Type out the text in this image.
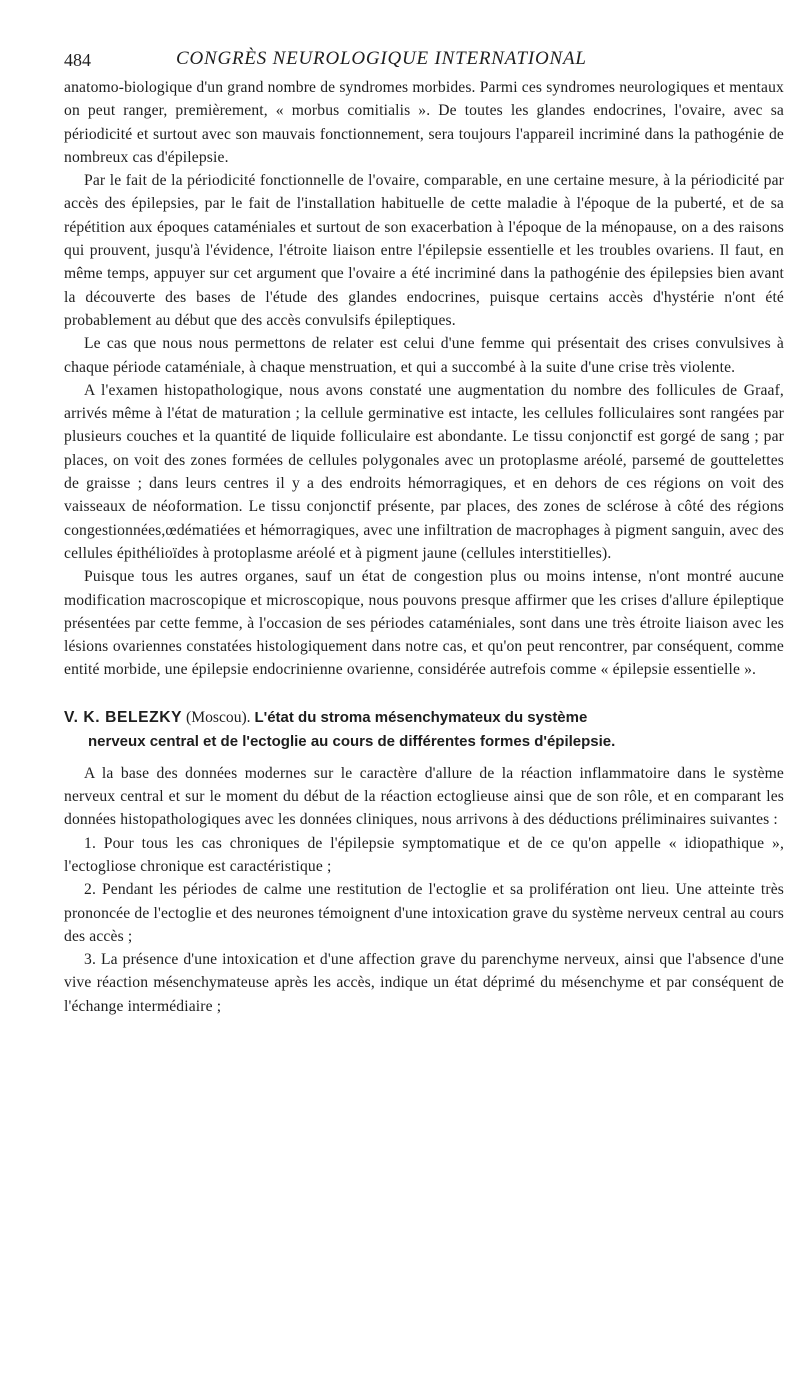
484	CONGRÈS NEUROLOGIQUE INTERNATIONAL

anatomo-biologique d'un grand nombre de syndromes morbides. Parmi ces syndromes neurologiques et mentaux on peut ranger, premièrement, « morbus comitialis ». De toutes les glandes endocrines, l'ovaire, avec sa périodicité et surtout avec son mauvais fonctionnement, sera toujours l'appareil incriminé dans la pathogénie de nombreux cas d'épilepsie.

Par le fait de la périodicité fonctionnelle de l'ovaire, comparable, en une certaine mesure, à la périodicité par accès des épilepsies, par le fait de l'installation habituelle de cette maladie à l'époque de la puberté, et de sa répétition aux époques cataméniales et surtout de son exacerbation à l'époque de la ménopause, on a des raisons qui prouvent, jusqu'à l'évidence, l'étroite liaison entre l'épilepsie essentielle et les troubles ovariens. Il faut, en même temps, appuyer sur cet argument que l'ovaire a été incriminé dans la pathogénie des épilepsies bien avant la découverte des bases de l'étude des glandes endocrines, puisque certains accès d'hystérie n'ont été probablement au début que des accès convulsifs épileptiques.

Le cas que nous nous permettons de relater est celui d'une femme qui présentait des crises convulsives à chaque période cataméniale, à chaque menstruation, et qui a succombé à la suite d'une crise très violente.

A l'examen histopathologique, nous avons constaté une augmentation du nombre des follicules de Graaf, arrivés même à l'état de maturation ; la cellule germinative est intacte, les cellules folliculaires sont rangées par plusieurs couches et la quantité de liquide folliculaire est abondante. Le tissu conjonctif est gorgé de sang ; par places, on voit des zones formées de cellules polygonales avec un protoplasme aréolé, parsemé de gouttelettes de graisse ; dans leurs centres il y a des endroits hémorragiques, et en dehors de ces régions on voit des vaisseaux de néoformation. Le tissu conjonctif présente, par places, des zones de sclérose à côté des régions congestionnées,œdématiées et hémorragiques, avec une infiltration de macrophages à pigment sanguin, avec des cellules épithélioïdes à protoplasme aréolé et à pigment jaune (cellules interstitielles).

Puisque tous les autres organes, sauf un état de congestion plus ou moins intense, n'ont montré aucune modification macroscopique et microscopique, nous pouvons presque affirmer que les crises d'allure épileptique présentées par cette femme, à l'occasion de ses périodes cataméniales, sont dans une très étroite liaison avec les lésions ovariennes constatées histologiquement dans notre cas, et qu'on peut rencontrer, par conséquent, comme entité morbide, une épilepsie endocrinienne ovarienne, considérée autrefois comme « épilepsie essentielle ».

V. K. BELEZKY (Moscou). L'état du stroma mésenchymateux du système
nerveux central et de l'ectoglie au cours de différentes formes d'épilepsie.

A la base des données modernes sur le caractère d'allure de la réaction inflammatoire dans le système nerveux central et sur le moment du début de la réaction ectoglieuse ainsi que de son rôle, et en comparant les données histopathologiques avec les données cliniques, nous arrivons à des déductions préliminaires suivantes :

1. Pour tous les cas chroniques de l'épilepsie symptomatique et de ce qu'on appelle « idiopathique », l'ectogliose chronique est caractéristique ;

2. Pendant les périodes de calme une restitution de l'ectoglie et sa prolifération ont lieu. Une atteinte très prononcée de l'ectoglie et des neurones témoignent d'une intoxication grave du système nerveux central au cours des accès ;

3. La présence d'une intoxication et d'une affection grave du parenchyme nerveux, ainsi que l'absence d'une vive réaction mésenchymateuse après les accès, indique un état déprimé du mésenchyme et par conséquent de l'échange intermédiaire ;
